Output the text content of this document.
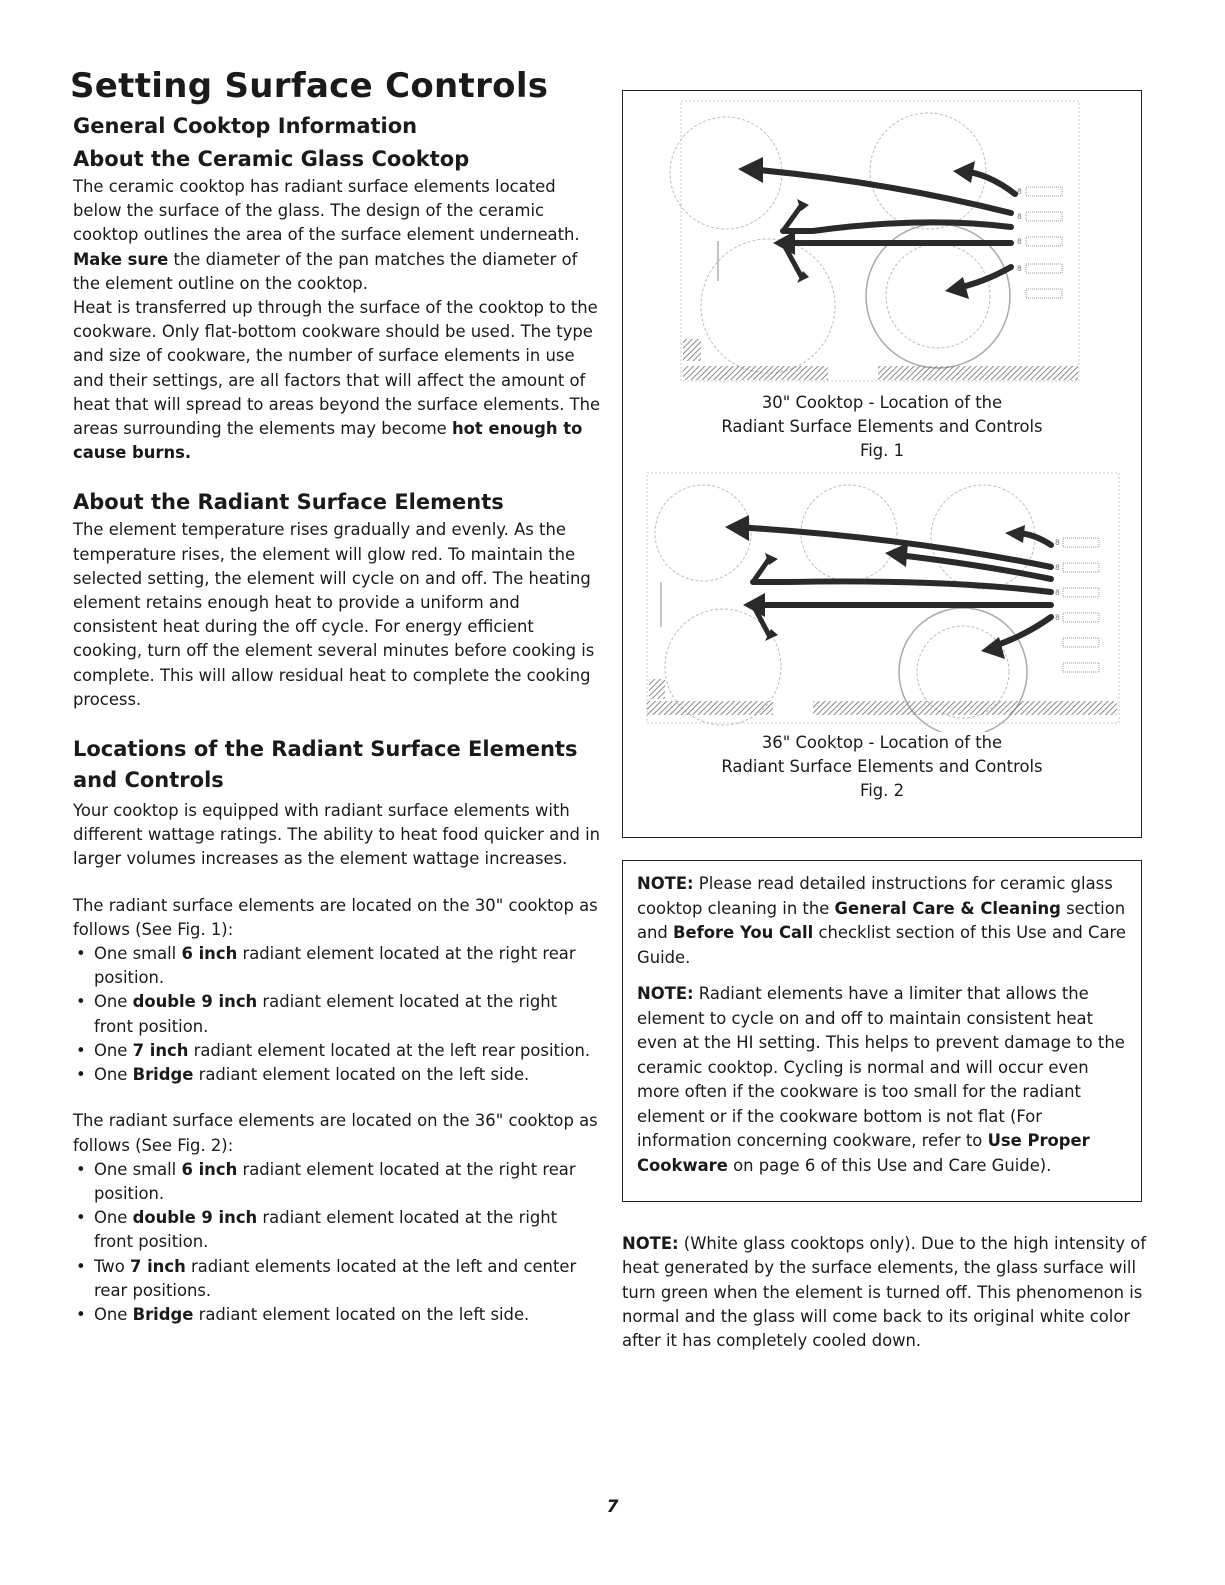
Setting Surface Controls
General Cooktop Information
About the Ceramic Glass Cooktop

The ceramic cooktop has radiant surface elements located below the surface of the glass. The design of the ceramic cooktop outlines the area of the surface element underneath. Make sure the diameter of the pan matches the diameter of the element outline on the cooktop.

Heat is transferred up through the surface of the cooktop to the cookware. Only flat-bottom cookware should be used. The type and size of cookware, the number of surface elements in use and their settings, are all factors that will affect the amount of heat that will spread to areas beyond the surface elements. The areas surrounding the elements may become hot enough to cause burns.

About the Radiant Surface Elements

The element temperature rises gradually and evenly. As the temperature rises, the element will glow red. To maintain the selected setting, the element will cycle on and off. The heating element retains enough heat to provide a uniform and consistent heat during the off cycle. For energy efficient cooking, turn off the element several minutes before cooking is complete. This will allow residual heat to complete the cooking process.

Locations of the Radiant Surface Elements and Controls

Your cooktop is equipped with radiant surface elements with different wattage ratings. The ability to heat food quicker and in larger volumes increases as the element wattage increases.

The radiant surface elements are located on the 30" cooktop as follows (See Fig. 1):

• One small 6 inch radiant element located at the right rear position.
• One double 9 inch radiant element located at the right front position.
• One 7 inch radiant element located at the left rear position.
• One Bridge radiant element located on the left side.

The radiant surface elements are located on the 36" cooktop as follows (See Fig. 2):

• One small 6 inch radiant element located at the right rear position.
• One double 9 inch radiant element located at the right front position.
• Two 7 inch radiant elements located at the left and center rear positions.
• One Bridge radiant element located on the left side.
8
8
8
8
30" Cooktop - Location of the
Radiant Surface Elements and Controls
Fig. 1
8
8
8
8
36" Cooktop - Location of the
Radiant Surface Elements and Controls
Fig. 2

NOTE: Please read detailed instructions for ceramic glass cooktop cleaning in the General Care & Cleaning section and Before You Call checklist section of this Use and Care Guide.

NOTE: Radiant elements have a limiter that allows the element to cycle on and off to maintain consistent heat even at the HI setting. This helps to prevent damage to the ceramic cooktop. Cycling is normal and will occur even more often if the cookware is too small for the radiant element or if the cookware bottom is not flat (For information concerning cookware, refer to Use Proper Cookware on page 6 of this Use and Care Guide).

NOTE: (White glass cooktops only). Due to the high intensity of heat generated by the surface elements, the glass surface will turn green when the element is turned off. This phenomenon is normal and the glass will come back to its original white color after it has completely cooled down.

7
